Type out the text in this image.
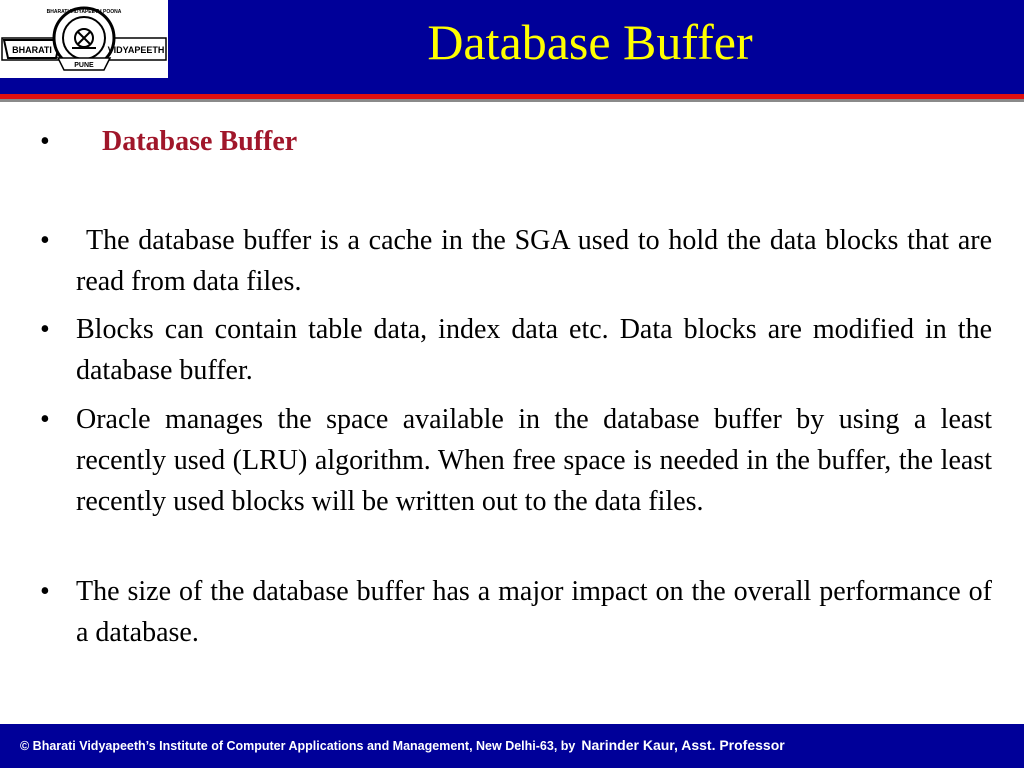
BHARATI VIDYAPEETH POONA
BHARATI	VIDYAPEETH
PUNE	Database Buffer
• Database Buffer
•	The database buffer is a cache in the SGA used to hold the data blocks that are read from data files.
• Blocks can contain table data, index data etc. Data blocks are modified in the database buffer.
• Oracle manages the space available in the database buffer by using a least recently used (LRU) algorithm. When free space is needed in the buffer, the least recently used blocks will be written out to the data files.
• The size of the database buffer has a major impact on the overall performance of a database.
© Bharati Vidyapeeth’s Institute of Computer Applications and Management, New Delhi-63, by Narinder Kaur, Asst. Professor
